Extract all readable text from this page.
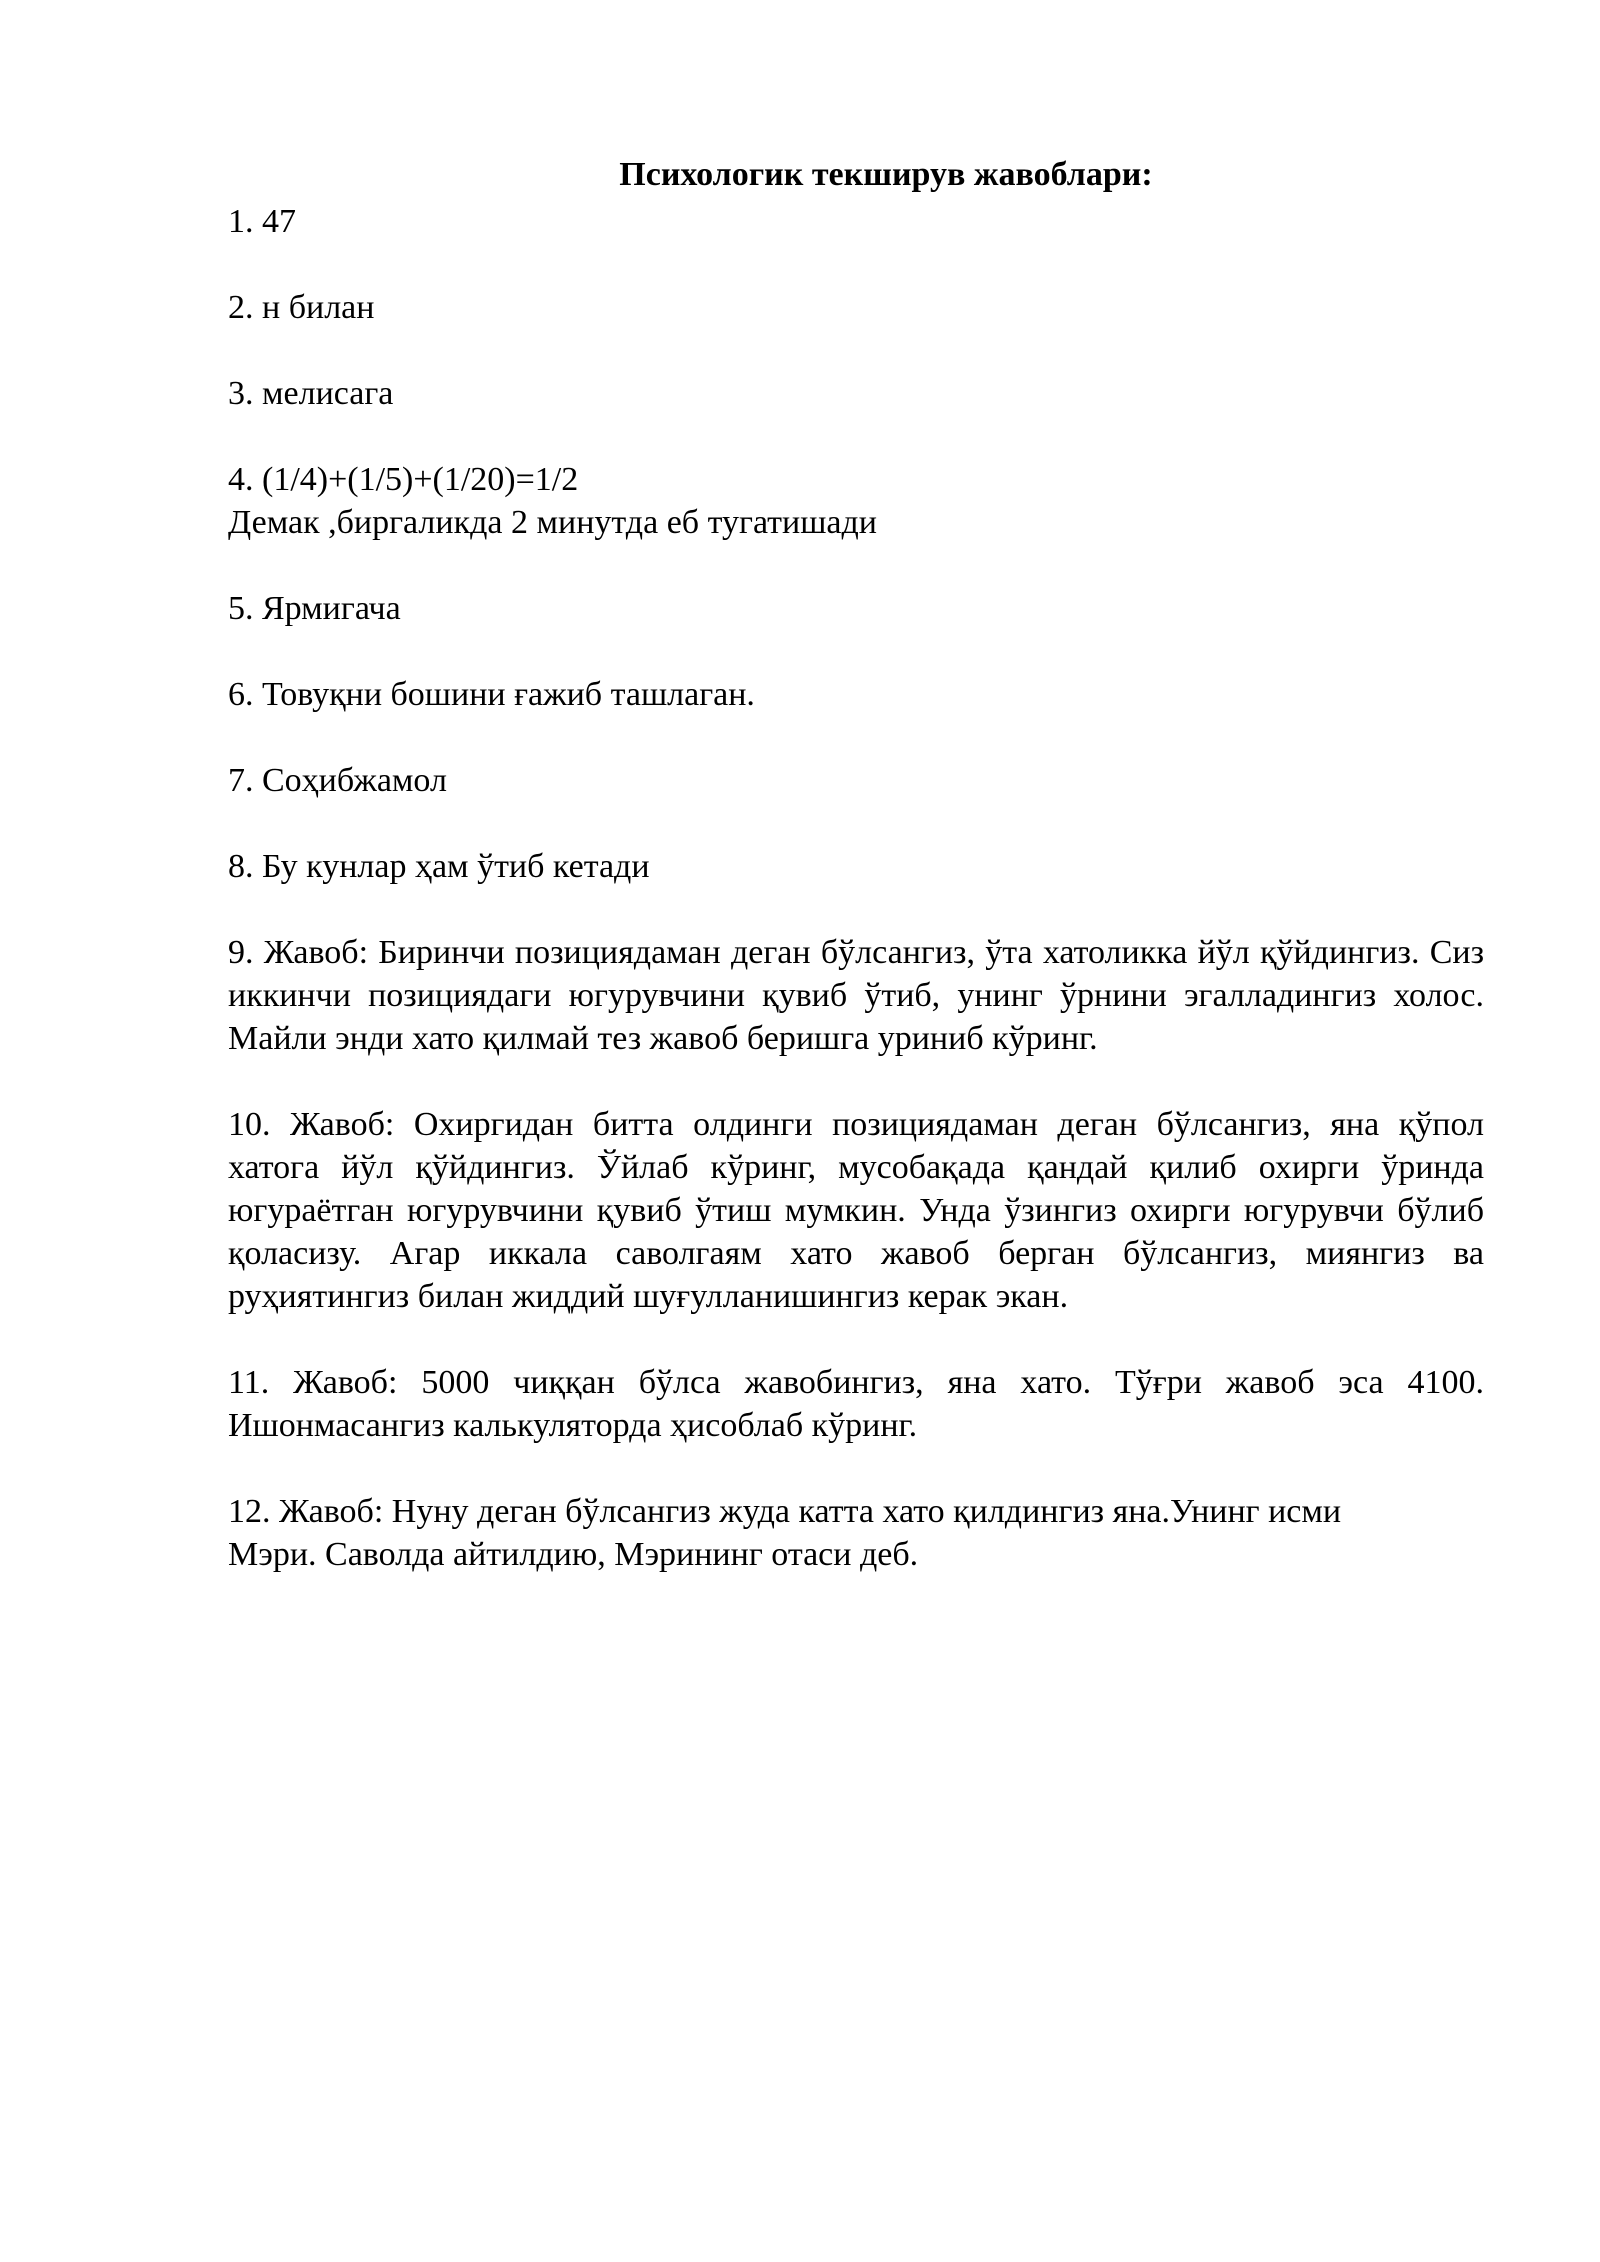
Психологик текширув жавоблари:

1. 47

2. н билан

3. мелисага

4. (1/4)+(1/5)+(1/20)=1/2

Демак ,биргаликда 2 минутда еб тугатишади

5. Ярмигача

6. Товуқни бошини ғажиб ташлаган.

7. Соҳибжамол

8. Бу кунлар ҳам ўтиб кетади

9. Жавоб: Биринчи позициядаман деган бўлсангиз, ўта хатоликка йўл қўйдингиз. Сиз иккинчи позициядаги югурувчини қувиб ўтиб, унинг ўрнини эгалладингиз холос. Майли энди хато қилмай тез жавоб беришга уриниб кўринг.

10. Жавоб: Охиргидан битта олдинги позициядаман деган бўлсангиз, яна қўпол хатога йўл қўйдингиз. Ўйлаб кўринг, мусобақада қандай қилиб охирги ўринда югураётган югурувчини қувиб ўтиш мумкин. Унда ўзингиз охирги югурувчи бўлиб қоласизу. Агар иккала саволгаям хато жавоб берган бўлсангиз, миянгиз ва руҳиятингиз билан жиддий шуғулланишингиз керак экан.

11. Жавоб: 5000 чиққан бўлса жавобингиз, яна хато. Тўғри жавоб эса 4100. Ишонмасангиз калькуляторда ҳисоблаб кўринг.

12. Жавоб: Нуну деган бўлсангиз жуда катта хато қилдингиз яна.Унинг исми

Мэри. Саволда айтилдию, Мэрининг отаси деб.
